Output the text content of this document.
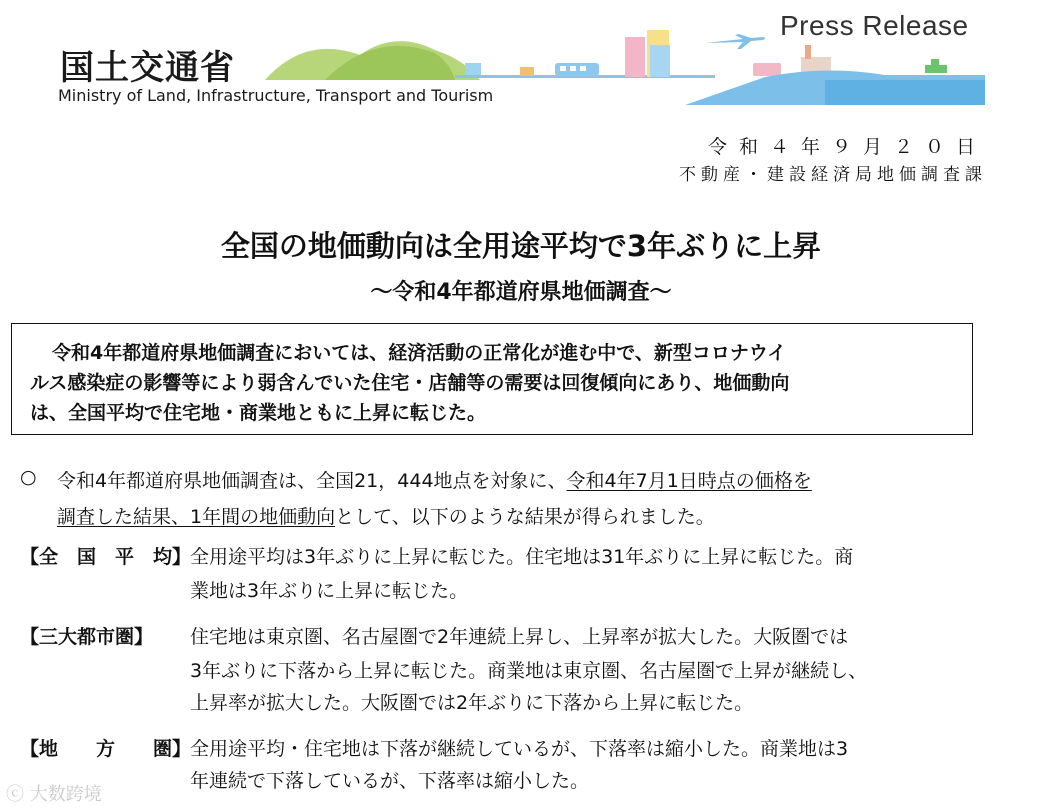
国土交通省
Ministry of Land, Infrastructure, Transport and Tourism
Press Release
令和４年９月２０日
不動産・建設経済局地価調査課
全国の地価動向は全用途平均で3年ぶりに上昇
～令和4年都道府県地価調査～
令和4年都道府県地価調査においては、経済活動の正常化が進む中で、新型コロナウイ
ルス感染症の影響等により弱含んでいた住宅・店舗等の需要は回復傾向にあり、地価動向
は、全国平均で住宅地・商業地ともに上昇に転じた。
○ 令和4年都道府県地価調査は、全国21，444地点を対象に、令和4年7月1日時点の価格を
調査した結果、1年間の地価動向として、以下のような結果が得られました。
【全　国　平　均】
全用途平均は3年ぶりに上昇に転じた。住宅地は31年ぶりに上昇に転じた。商
業地は3年ぶりに上昇に転じた。
【三大都市圏】 住宅地は東京圏、名古屋圏で2年連続上昇し、上昇率が拡大した。大阪圏では
3年ぶりに下落から上昇に転じた。商業地は東京圏、名古屋圏で上昇が継続し、
上昇率が拡大した。大阪圏では2年ぶりに下落から上昇に転じた。
【地　　方　　圏】
全用途平均・住宅地は下落が継続しているが、下落率は縮小した。商業地は3
年連続で下落しているが、下落率は縮小した。
ⓒ 大数跨境
